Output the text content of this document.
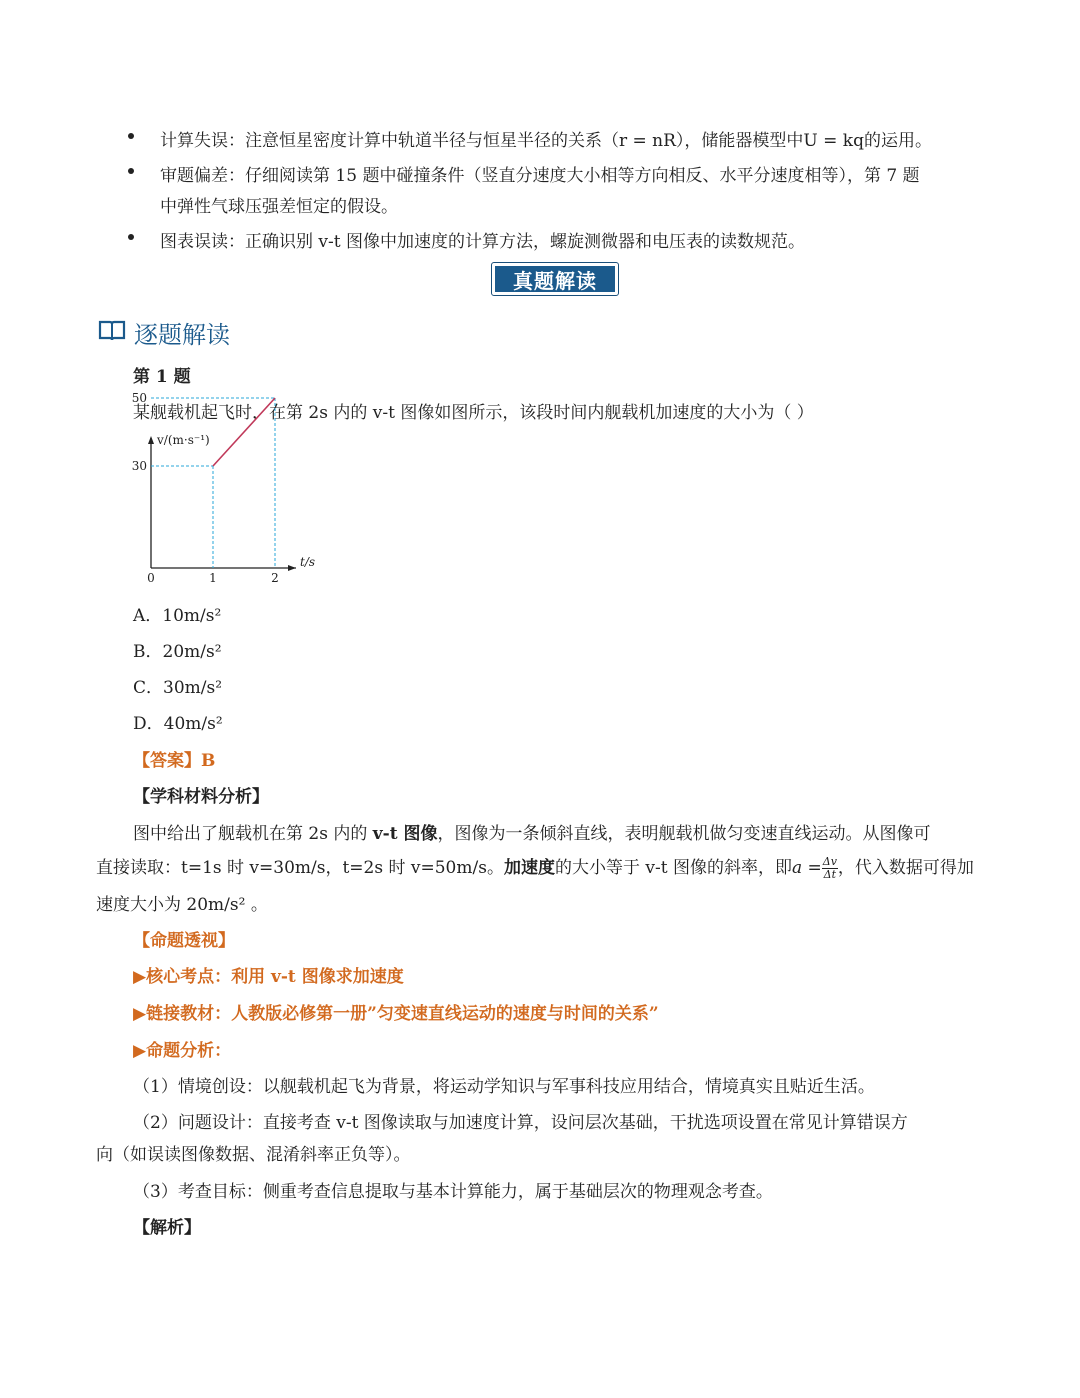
计算失误：注意恒星密度计算中轨道半径与恒星半径的关系（r = nR），储能器模型中U = kq的运用。
审题偏差：仔细阅读第 15 题中碰撞条件（竖直分速度大小相等方向相反、水平分速度相等），第 7 题
中弹性气球压强差恒定的假设。
图表误读：正确识别 v-t 图像中加速度的计算方法，螺旋测微器和电压表的读数规范。
真题解读
逐题解读
第 1 题
某舰载机起飞时，在第 2s 内的 v-t 图像如图所示，该段时间内舰载机加速度的大小为（ ）
30
50
0	1	2
v/(m·s⁻¹)
t/s
A．10m/s²
B．20m/s²
C．30m/s²
D．40m/s²
【答案】B
【学科材料分析】
图中给出了舰载机在第 2s 内的 v-t 图像，图像为一条倾斜直线，表明舰载机做匀变速直线运动。从图像可
直接读取：t=1s 时 v=30m/s，t=2s 时 v=50m/s。加速度的大小等于 v-t 图像的斜率，即$a = \frac{\Delta v}{\Delta t}$ ，代入数据可得加
速度大小为 20m/s² 。
【命题透视】
▶核心考点：利用 v-t 图像求加速度
▶链接教材：人教版必修第一册”匀变速直线运动的速度与时间的关系”
▶命题分析：
（1）情境创设：以舰载机起飞为背景，将运动学知识与军事科技应用结合，情境真实且贴近生活。
（2）问题设计：直接考查 v-t 图像读取与加速度计算，设问层次基础，干扰选项设置在常见计算错误方
向（如误读图像数据、混淆斜率正负等）。
（3）考查目标：侧重考查信息提取与基本计算能力，属于基础层次的物理观念考查。
【解析】
